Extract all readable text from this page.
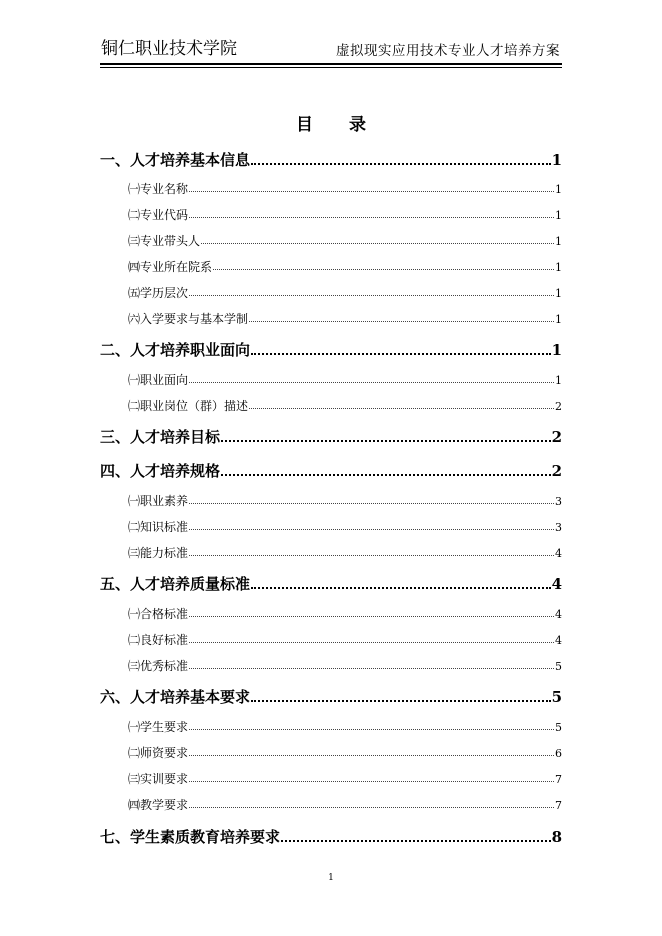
铜仁职业技术学院	虚拟现实应用技术专业人才培养方案
目录
一、人才培养基本信息	1
㈠专业名称	1
㈡专业代码	1
㈢专业带头人	1
㈣专业所在院系	1
㈤学历层次	1
㈥入学要求与基本学制	1
二、人才培养职业面向	1
㈠职业面向	1
㈡职业岗位（群）描述	2
三、人才培养目标	2
四、人才培养规格	2
㈠职业素养	3
㈡知识标准	3
㈢能力标准	4
五、人才培养质量标准	4
㈠合格标准	4
㈡良好标准	4
㈢优秀标准	5
六、人才培养基本要求	5
㈠学生要求	5
㈡师资要求	6
㈢实训要求	7
㈣教学要求	7
七、学生素质教育培养要求	8
1
